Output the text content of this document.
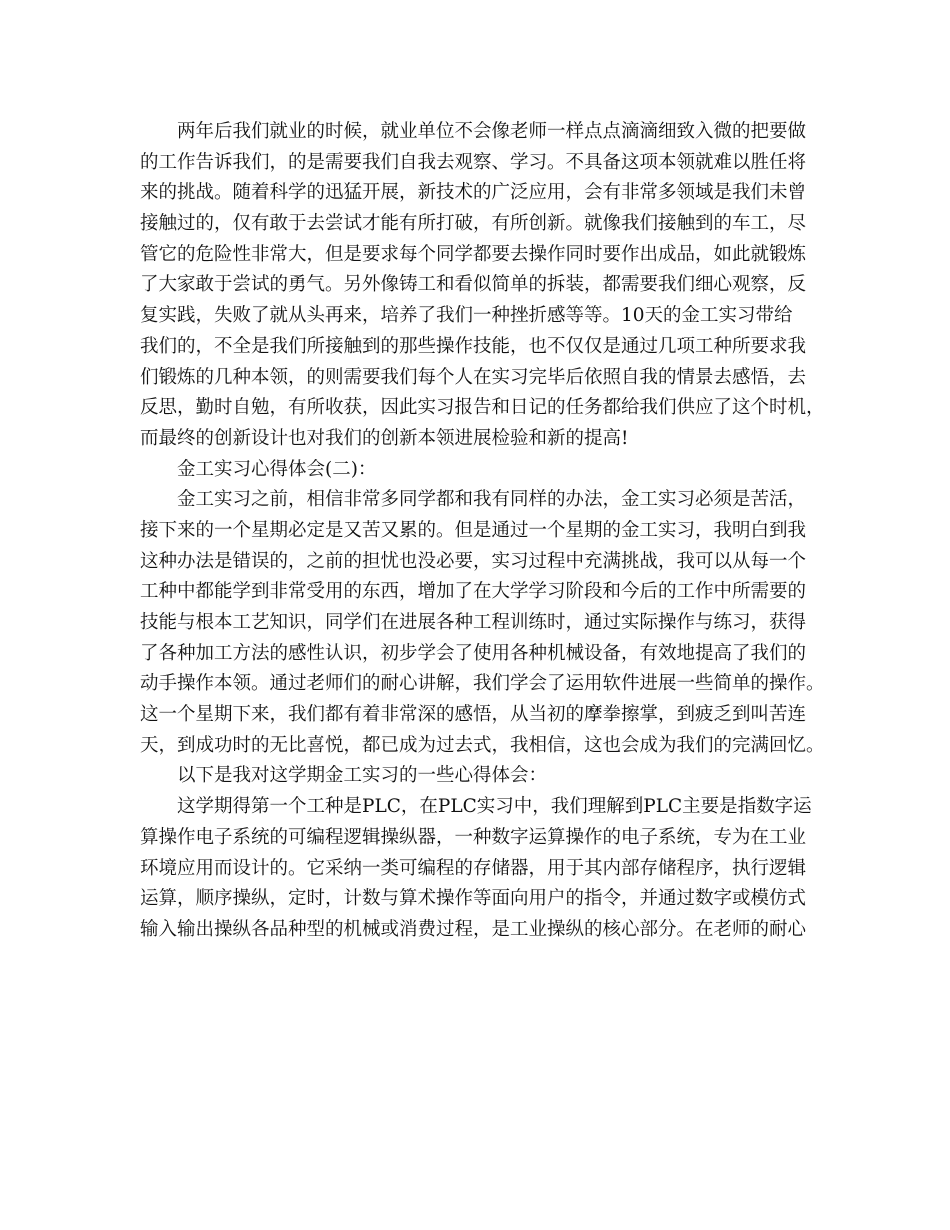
两年后我们就业的时候，就业单位不会像老师一样点点滴滴细致入微的把要做
的工作告诉我们，的是需要我们自我去观察、学习。不具备这项本领就难以胜任将
来的挑战。随着科学的迅猛开展，新技术的广泛应用，会有非常多领域是我们未曾
接触过的，仅有敢于去尝试才能有所打破，有所创新。就像我们接触到的车工，尽
管它的危险性非常大，但是要求每个同学都要去操作同时要作出成品，如此就锻炼
了大家敢于尝试的勇气。另外像铸工和看似简单的拆装，都需要我们细心观察，反
复实践，失败了就从头再来，培养了我们一种挫折感等等。10天的金工实习带给
我们的，不全是我们所接触到的那些操作技能，也不仅仅是通过几项工种所要求我
们锻炼的几种本领，的则需要我们每个人在实习完毕后依照自我的情景去感悟，去
反思，勤时自勉，有所收获，因此实习报告和日记的任务都给我们供应了这个时机，
而最终的创新设计也对我们的创新本领进展检验和新的提高!
金工实习心得体会(二)：
金工实习之前，相信非常多同学都和我有同样的办法，金工实习必须是苦活，
接下来的一个星期必定是又苦又累的。但是通过一个星期的金工实习，我明白到我
这种办法是错误的，之前的担忧也没必要，实习过程中充满挑战，我可以从每一个
工种中都能学到非常受用的东西，增加了在大学学习阶段和今后的工作中所需要的
技能与根本工艺知识，同学们在进展各种工程训练时，通过实际操作与练习，获得
了各种加工方法的感性认识，初步学会了使用各种机械设备，有效地提高了我们的
动手操作本领。通过老师们的耐心讲解，我们学会了运用软件进展一些简单的操作。
这一个星期下来，我们都有着非常深的感悟，从当初的摩拳擦掌，到疲乏到叫苦连
天，到成功时的无比喜悦，都已成为过去式，我相信，这也会成为我们的完满回忆。
以下是我对这学期金工实习的一些心得体会：
这学期得第一个工种是PLC，在PLC实习中，我们理解到PLC主要是指数字运
算操作电子系统的可编程逻辑操纵器，一种数字运算操作的电子系统，专为在工业
环境应用而设计的。它采纳一类可编程的存储器，用于其内部存储程序，执行逻辑
运算，顺序操纵，定时，计数与算术操作等面向用户的指令，并通过数字或模仿式
输入输出操纵各品种型的机械或消费过程，是工业操纵的核心部分。在老师的耐心
